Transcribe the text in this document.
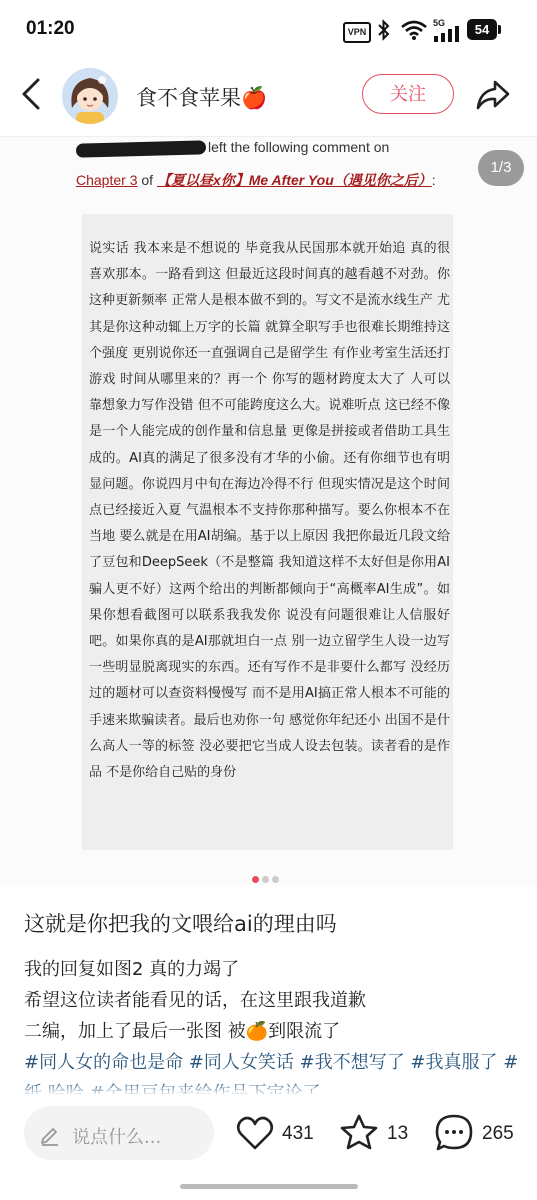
01:20	VPN
5G	54
食不食苹果🍎	关注
left the following comment on
Chapter 3 of 【夏以昼x你】Me After You（遇见你之后）:
1/3
说实话 我本来是不想说的 毕竟我从民国那本就开始追 真的很喜欢那本。一路看到这 但最近这段时间真的越看越不对劲。你这种更新频率 正常人是根本做不到的。写文不是流水线生产 尤其是你这种动辄上万字的长篇 就算全职写手也很难长期维持这个强度 更别说你还一直强调自己是留学生 有作业考室生活还打游戏 时间从哪里来的？再一个 你写的题材跨度太大了 人可以靠想象力写作没错 但不可能跨度这么大。说难听点 这已经不像是一个人能完成的创作量和信息量 更像是拼接或者借助工具生成的。AI真的满足了很多没有才华的小偷。还有你细节也有明显问题。你说四月中旬在海边冷得不行 但现实情况是这个时间点已经接近入夏 气温根本不支持你那种描写。要么你根本不在当地 要么就是在用AI胡编。基于以上原因 我把你最近几段文给了豆包和DeepSeek（不是整篇 我知道这样不太好但是你用AI骗人更不好）这两个给出的判断都倾向于“高概率AI生成”。如果你想看截图可以联系我我发你 说没有问题很难让人信服好吧。如果你真的是AI那就坦白一点 别一边立留学生人设一边写一些明显脱离现实的东西。还有写作不是非要什么都写 没经历过的题材可以查资料慢慢写 而不是用AI搞正常人根本不可能的手速来欺骗读者。最后也劝你一句 感觉你年纪还小 出国不是什么高人一等的标签 没必要把它当成人设去包装。读者看的是作品 不是你给自己贴的身份
这就是你把我的文喂给ai的理由吗
我的回复如图2 真的力竭了
希望这位读者能看见的话，在这里跟我道歉
二编，加上了最后一张图 被🍊到限流了
#同人女的命也是命 #同人女笑话 #我不想写了 #我真服了 #
说点什么...	431	13	265
